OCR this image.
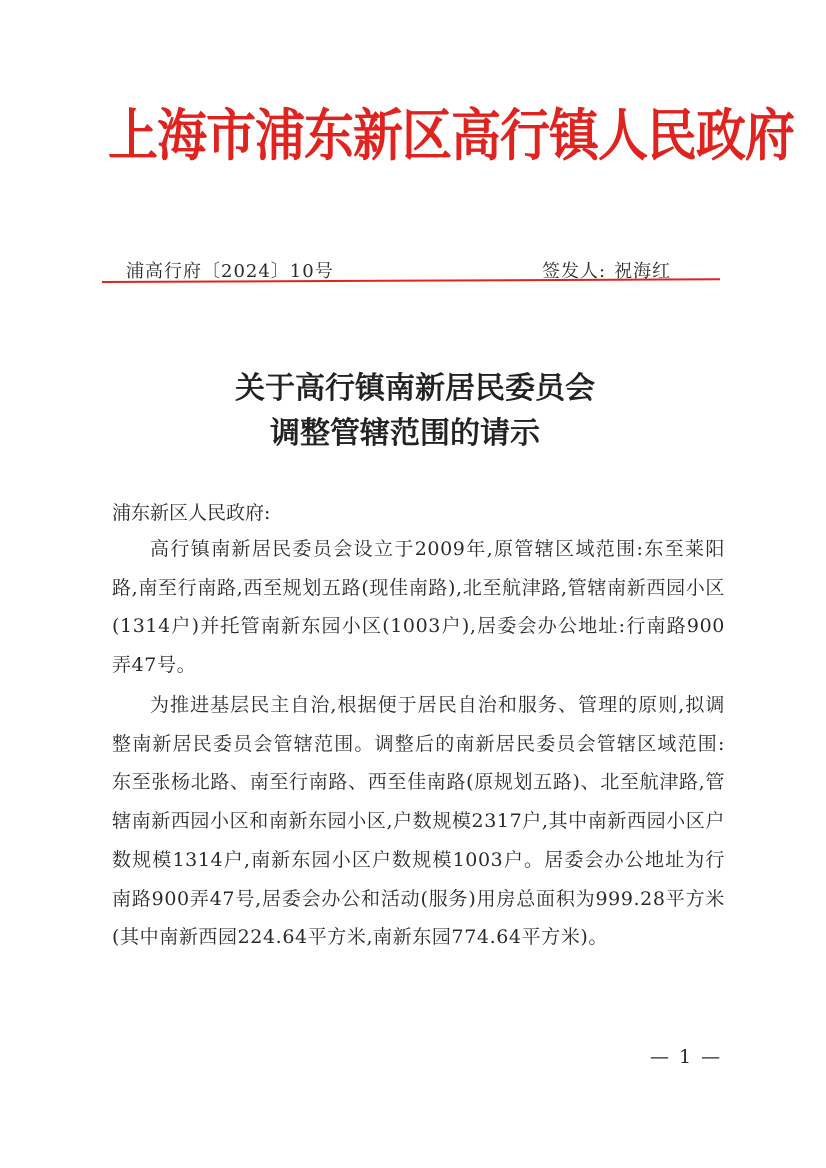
上海市浦东新区高行镇人民政府
浦高行府〔2024〕10号	签发人: 祝海红
关于高行镇南新居民委员会
调整管辖范围的请示
浦东新区人民政府:
高行镇南新居民委员会设立于2009年,原管辖区域范围:东至莱阳路,南至行南路,西至规划五路(现佳南路),北至航津路,管辖南新西园小区(1314户)并托管南新东园小区(1003户),居委会办公地址:行南路900弄47号。
为推进基层民主自治,根据便于居民自治和服务、管理的原则,拟调整南新居民委员会管辖范围。调整后的南新居民委员会管辖区域范围:东至张杨北路、南至行南路、西至佳南路(原规划五路)、北至航津路,管辖南新西园小区和南新东园小区,户数规模2317户,其中南新西园小区户数规模1314户,南新东园小区户数规模1003户。居委会办公地址为行南路900弄47号,居委会办公和活动(服务)用房总面积为999.28平方米(其中南新西园224.64平方米,南新东园774.64平方米)。
— 1 —
